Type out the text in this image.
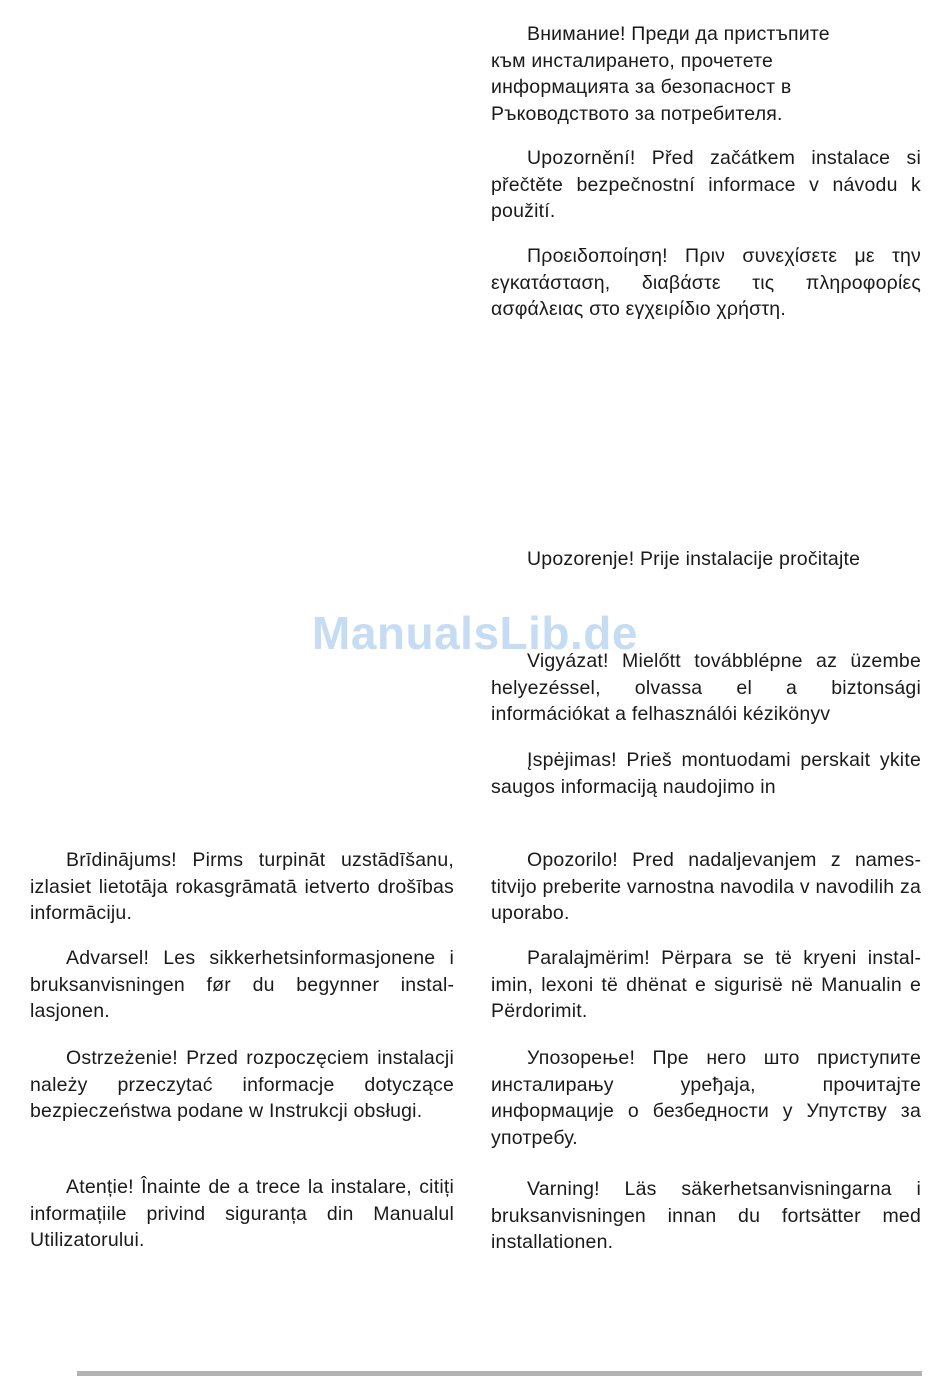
Внимание! Преди да пристъпите към инсталирането, прочетете информацията за безопасност в Ръководството за потребителя.

Upozornění! Před začátkem instalace si přečtěte bezpečnostní informace v návodu k použití.

Προειδοποίηση! Πριν συνεχίσετε με την εγκατάσταση, διαβάστε τις πληροφορίες ασφάλειας στο εγχειρίδιο χρήστη.

Upozorenje! Prije instalacije pročitajte

Vigyázat! Mielőtt továbblépne az üzembe helyezéssel, olvassa el a biztonsági információkat a felhasználói kézikönyv

Įspėjimas! Prieš montuodami perskait ykite saugos informaciją naudojimo in

ManualsLib.de

Brīdinājums! Pirms turpināt uzstādīšanu, izlasiet lietotāja rokasgrāmatā ietverto drošības informāciju.

Advarsel! Les sikkerhetsinformasjonene i bruksanvisningen før du begynner installasjonen.

Ostrzeżenie! Przed rozpoczęciem instalacji należy przeczytać informacje dotyczące bezpieczeństwa podane w Instrukcji obsługi.

Atenție! Înainte de a trece la instalare, citiți informațiile privind siguranța din Manualul Utilizatorului.

Opozorilo! Pred nadaljevanjem z namestitvijo preberite varnostna navodila v navodilih za uporabo.

Paralajmërim! Përpara se të kryeni instalimin, lexoni të dhënat e sigurisë në Manualin e Përdorimit.

Упозорење! Пре него што приступите инсталирању уређаја, прочитајте информације о безбедности у Упутству за употребу.

Varning! Läs säkerhetsanvisningarna i bruksanvisningen innan du fortsätter med installationen.
